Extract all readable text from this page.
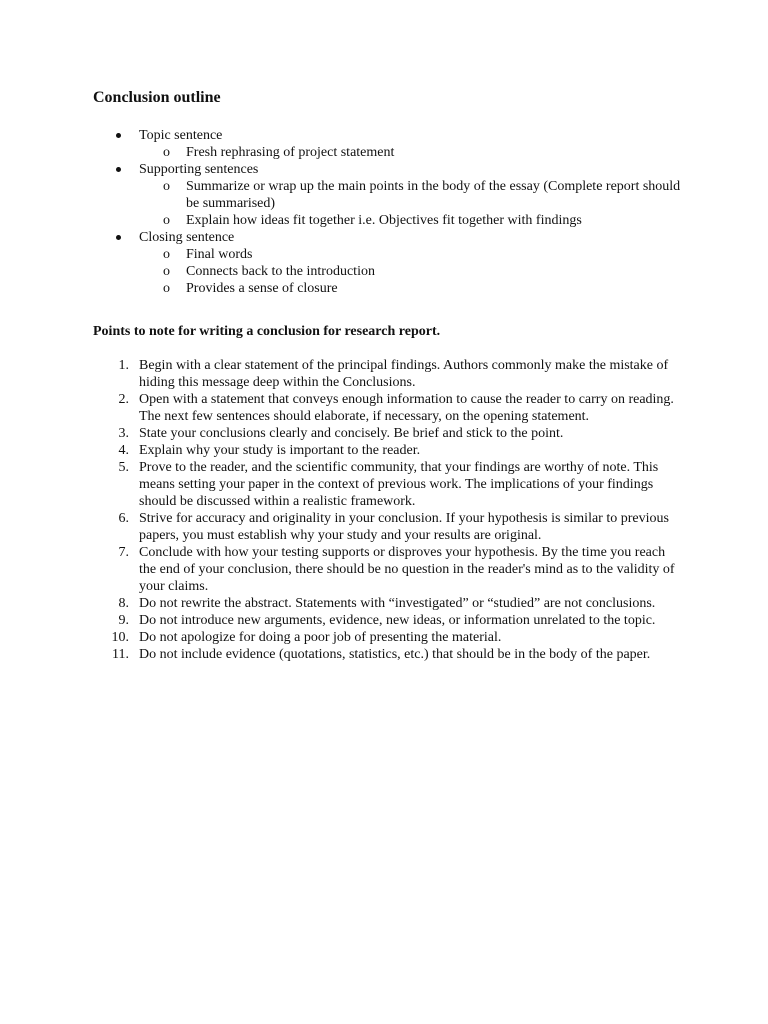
Conclusion outline
Topic sentence
o Fresh rephrasing of project statement
Supporting sentences
o Summarize or wrap up the main points in the body of the essay (Complete report should be summarised)
o Explain how ideas fit together i.e. Objectives fit together with findings
Closing sentence
o Final words
o Connects back to the introduction
o Provides a sense of closure

Points to note for writing a conclusion for research report.

1. Begin with a clear statement of the principal findings. Authors commonly make the mistake of hiding this message deep within the Conclusions.
2. Open with a statement that conveys enough information to cause the reader to carry on reading. The next few sentences should elaborate, if necessary, on the opening statement.
3. State your conclusions clearly and concisely. Be brief and stick to the point.
4. Explain why your study is important to the reader.
5. Prove to the reader, and the scientific community, that your findings are worthy of note. This means setting your paper in the context of previous work. The implications of your findings should be discussed within a realistic framework.
6. Strive for accuracy and originality in your conclusion. If your hypothesis is similar to previous papers, you must establish why your study and your results are original.
7. Conclude with how your testing supports or disproves your hypothesis. By the time you reach the end of your conclusion, there should be no question in the reader's mind as to the validity of your claims.
8. Do not rewrite the abstract. Statements with “investigated” or “studied” are not conclusions.
9. Do not introduce new arguments, evidence, new ideas, or information unrelated to the topic.
10. Do not apologize for doing a poor job of presenting the material.
11. Do not include evidence (quotations, statistics, etc.) that should be in the body of the paper.
